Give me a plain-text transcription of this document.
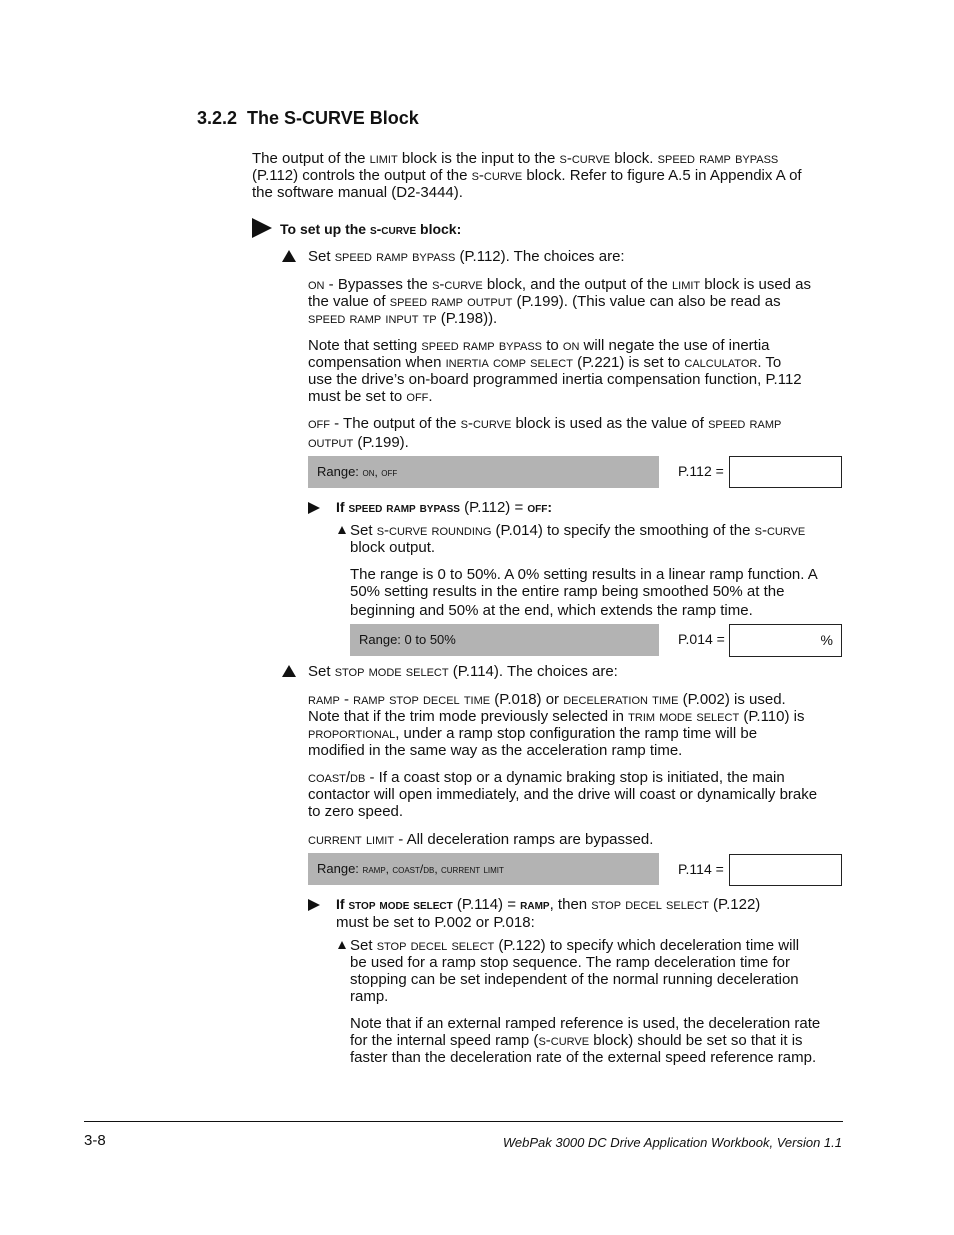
3.2.2 The S-CURVE Block
The output of the limit block is the input to the s-curve block. speed ramp bypass
(P.112) controls the output of the s-curve block. Refer to figure A.5 in Appendix A of
the software manual (D2-3444).
To set up the s-curve block:
Set speed ramp bypass (P.112). The choices are:
on - Bypasses the s-curve block, and the output of the limit block is used as
the value of speed ramp output (P.199). (This value can also be read as
speed ramp input tp (P.198)).
Note that setting speed ramp bypass to on will negate the use of inertia
compensation when inertia comp select (P.221) is set to calculator. To
use the drive’s on-board programmed inertia compensation function, P.112
must be set to off.
off - The output of the s-curve block is used as the value of speed ramp
output (P.199).
Range: on, off	P.112 =
If speed ramp bypass (P.112) = off:
Set s-curve rounding (P.014) to specify the smoothing of the s-curve
block output.
The range is 0 to 50%. A 0% setting results in a linear ramp function. A
50% setting results in the entire ramp being smoothed 50% at the
beginning and 50% at the end, which extends the ramp time.
Range: 0 to 50%	P.014 =	%
Set stop mode select (P.114). The choices are:
ramp - ramp stop decel time (P.018) or deceleration time (P.002) is used.
Note that if the trim mode previously selected in trim mode select (P.110) is
proportional, under a ramp stop configuration the ramp time will be
modified in the same way as the acceleration ramp time.
coast/db - If a coast stop or a dynamic braking stop is initiated, the main
contactor will open immediately, and the drive will coast or dynamically brake
to zero speed.
current limit - All deceleration ramps are bypassed.
Range: ramp, coast/db, current limit	P.114 =
If stop mode select (P.114) = ramp, then stop decel select (P.122)
must be set to P.002 or P.018:
Set stop decel select (P.122) to specify which deceleration time will
be used for a ramp stop sequence. The ramp deceleration time for
stopping can be set independent of the normal running deceleration
ramp.
Note that if an external ramped reference is used, the deceleration rate
for the internal speed ramp (s-curve block) should be set so that it is
faster than the deceleration rate of the external speed reference ramp.
3-8	WebPak 3000 DC Drive Application Workbook, Version 1.1
